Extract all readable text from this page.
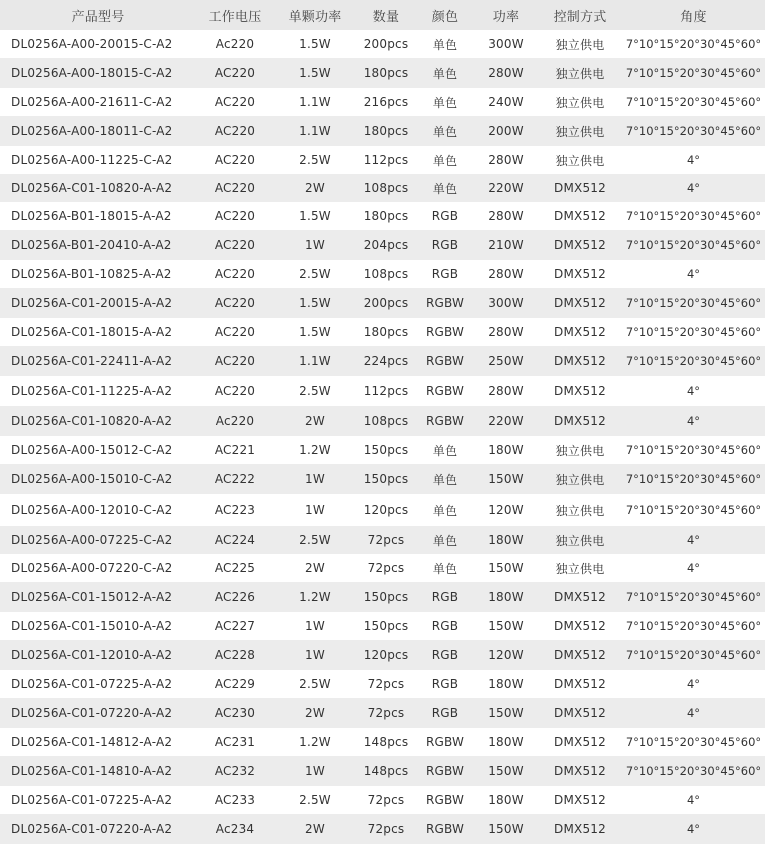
产品型号	工作电压	单颗功率	数量	颜色	功率	控制方式	角度
DL0256A-A00-20015-C-A2	Ac220	1.5W	200pcs	单色	300W	独立供电	7°10°15°20°30°45°60°
DL0256A-A00-18015-C-A2	AC220	1.5W	180pcs	单色	280W	独立供电	7°10°15°20°30°45°60°
DL0256A-A00-21611-C-A2	AC220	1.1W	216pcs	单色	240W	独立供电	7°10°15°20°30°45°60°
DL0256A-A00-18011-C-A2	AC220	1.1W	180pcs	单色	200W	独立供电	7°10°15°20°30°45°60°
DL0256A-A00-11225-C-A2	AC220	2.5W	112pcs	单色	280W	独立供电	4°
DL0256A-C01-10820-A-A2	AC220	2W	108pcs	单色	220W	DMX512	4°
DL0256A-B01-18015-A-A2	AC220	1.5W	180pcs	RGB	280W	DMX512	7°10°15°20°30°45°60°
DL0256A-B01-20410-A-A2	AC220	1W	204pcs	RGB	210W	DMX512	7°10°15°20°30°45°60°
DL0256A-B01-10825-A-A2	AC220	2.5W	108pcs	RGB	280W	DMX512	4°
DL0256A-C01-20015-A-A2	AC220	1.5W	200pcs	RGBW	300W	DMX512	7°10°15°20°30°45°60°
DL0256A-C01-18015-A-A2	AC220	1.5W	180pcs	RGBW	280W	DMX512	7°10°15°20°30°45°60°
DL0256A-C01-22411-A-A2	AC220	1.1W	224pcs	RGBW	250W	DMX512	7°10°15°20°30°45°60°
DL0256A-C01-11225-A-A2	AC220	2.5W	112pcs	RGBW	280W	DMX512	4°
DL0256A-C01-10820-A-A2	Ac220	2W	108pcs	RGBW	220W	DMX512	4°
DL0256A-A00-15012-C-A2	AC221	1.2W	150pcs	单色	180W	独立供电	7°10°15°20°30°45°60°
DL0256A-A00-15010-C-A2	AC222	1W	150pcs	单色	150W	独立供电	7°10°15°20°30°45°60°
DL0256A-A00-12010-C-A2	AC223	1W	120pcs	单色	120W	独立供电	7°10°15°20°30°45°60°
DL0256A-A00-07225-C-A2	AC224	2.5W	72pcs	单色	180W	独立供电	4°
DL0256A-A00-07220-C-A2	AC225	2W	72pcs	单色	150W	独立供电	4°
DL0256A-C01-15012-A-A2	AC226	1.2W	150pcs	RGB	180W	DMX512	7°10°15°20°30°45°60°
DL0256A-C01-15010-A-A2	AC227	1W	150pcs	RGB	150W	DMX512	7°10°15°20°30°45°60°
DL0256A-C01-12010-A-A2	AC228	1W	120pcs	RGB	120W	DMX512	7°10°15°20°30°45°60°
DL0256A-C01-07225-A-A2	AC229	2.5W	72pcs	RGB	180W	DMX512	4°
DL0256A-C01-07220-A-A2	AC230	2W	72pcs	RGB	150W	DMX512	4°
DL0256A-C01-14812-A-A2	AC231	1.2W	148pcs	RGBW	180W	DMX512	7°10°15°20°30°45°60°
DL0256A-C01-14810-A-A2	AC232	1W	148pcs	RGBW	150W	DMX512	7°10°15°20°30°45°60°
DL0256A-C01-07225-A-A2	AC233	2.5W	72pcs	RGBW	180W	DMX512	4°
DL0256A-C01-07220-A-A2	Ac234	2W	72pcs	RGBW	150W	DMX512	4°
